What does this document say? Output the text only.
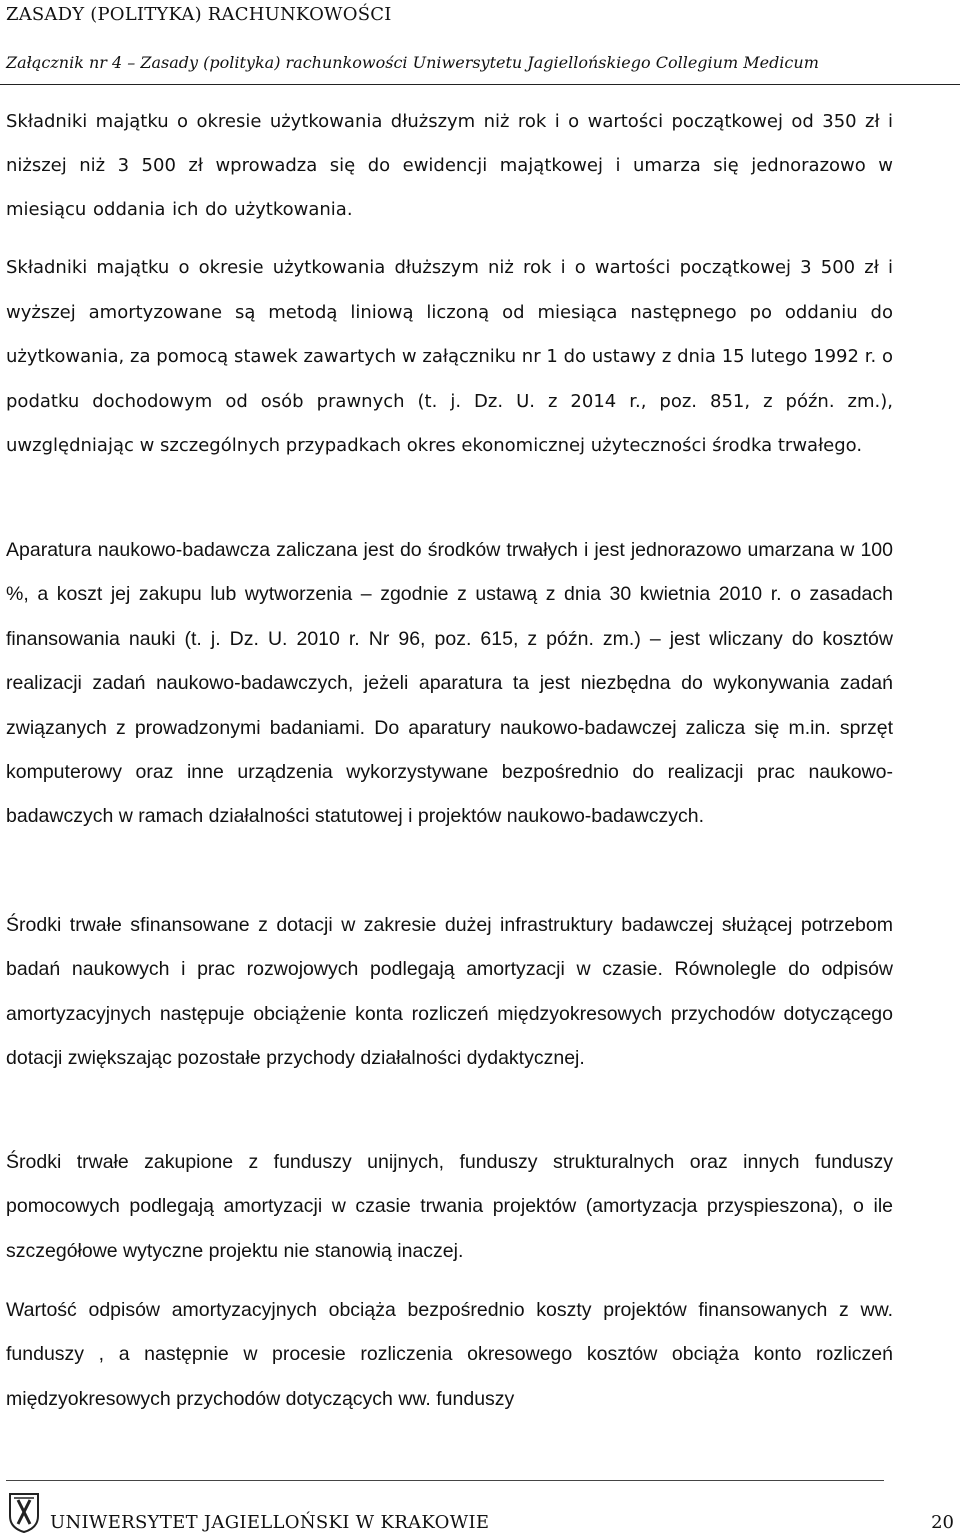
ZASADY (POLITYKA) RACHUNKOWOŚCI
Załącznik nr 4 – Zasady (polityka) rachunkowości Uniwersytetu Jagiellońskiego Collegium Medicum
Składniki majątku o okresie użytkowania dłuższym niż rok i o wartości początkowej od 350 zł i niższej niż 3 500 zł wprowadza się do ewidencji majątkowej i umarza się jednorazowo w miesiącu oddania ich do użytkowania.
Składniki majątku o okresie użytkowania dłuższym niż rok i o wartości początkowej 3 500 zł i wyższej amortyzowane są metodą liniową liczoną od miesiąca następnego po oddaniu do użytkowania, za pomocą stawek zawartych w załączniku nr 1 do ustawy z dnia 15 lutego 1992 r. o podatku dochodowym od osób prawnych (t. j. Dz. U. z 2014 r., poz. 851, z późn. zm.), uwzględniając w szczególnych przypadkach okres ekonomicznej użyteczności środka trwałego.
Aparatura naukowo-badawcza zaliczana jest do środków trwałych i jest jednorazowo umarzana w 100 %, a koszt jej zakupu lub wytworzenia – zgodnie z ustawą z dnia 30 kwietnia 2010 r. o zasadach finansowania nauki (t. j. Dz. U. 2010 r. Nr 96, poz. 615, z późn. zm.) – jest wliczany do kosztów realizacji zadań naukowo-badawczych, jeżeli aparatura ta jest niezbędna do wykonywania zadań związanych z prowadzonymi badaniami. Do aparatury naukowo-badawczej zalicza się m.in. sprzęt komputerowy oraz inne urządzenia wykorzystywane bezpośrednio do realizacji prac naukowo-badawczych w ramach działalności statutowej i projektów naukowo-badawczych.
Środki trwałe sfinansowane z dotacji w zakresie dużej infrastruktury badawczej służącej potrzebom badań naukowych i prac rozwojowych podlegają amortyzacji w czasie. Równolegle do odpisów amortyzacyjnych następuje obciążenie konta rozliczeń międzyokresowych przychodów dotyczącego dotacji zwiększając pozostałe przychody działalności dydaktycznej.
Środki trwałe zakupione z funduszy unijnych, funduszy strukturalnych oraz innych funduszy pomocowych podlegają amortyzacji w czasie trwania projektów (amortyzacja przyspieszona), o ile szczegółowe wytyczne projektu nie stanowią inaczej.
Wartość odpisów amortyzacyjnych obciąża bezpośrednio koszty projektów finansowanych z ww. funduszy , a następnie w procesie rozliczenia okresowego kosztów obciąża konto rozliczeń międzyokresowych przychodów dotyczących ww. funduszy
UNIWERSYTET JAGIELLOŃSKI W KRAKOWIE	20
